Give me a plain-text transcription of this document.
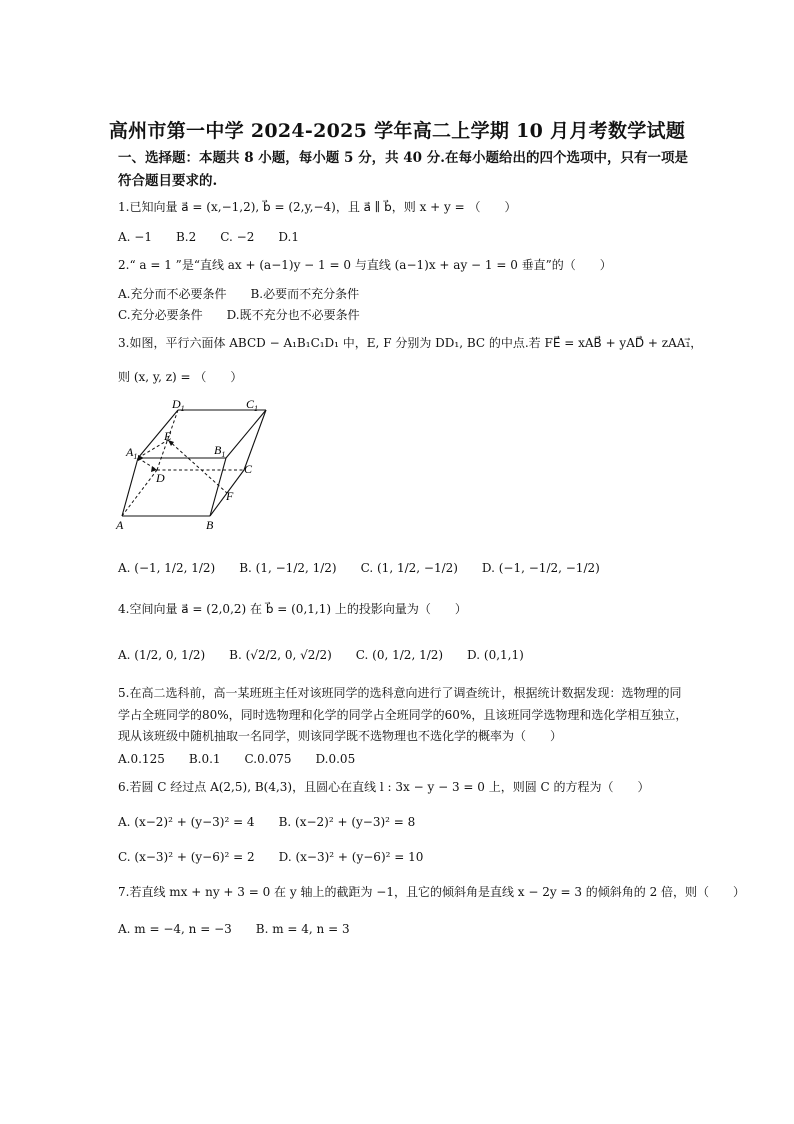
高州市第一中学 2024-2025 学年高二上学期 10 月月考数学试题
一、选择题：本题共 8 小题，每小题 5 分，共 40 分.在每小题给出的四个选项中，只有一项是符合题目要求的.
1.已知向量 a⃗ = (x,−1,2), b⃗ = (2,y,−4)，且 a⃗ ∥ b⃗，则 x + y = （　　）
A. −1　　B.2　　C. −2　　D.1
2.“ a = 1 ”是“直线 ax + (a−1)y − 1 = 0 与直线 (a−1)x + ay − 1 = 0 垂直”的（　　）
A.充分而不必要条件　　B.必要而不充分条件
C.充分必要条件　　D.既不充分也不必要条件
3.如图，平行六面体 ABCD − A₁B₁C₁D₁ 中，E, F 分别为 DD₁, BC 的中点.若 FE⃗ = xAB⃗ + yAD⃗ + zAA₁⃗，
则 (x, y, z) = （　　）
$D_1$	$C_1$
E
$A_1$	$B_1$
C
D
F
A	B
A. (−1, 1/2, 1/2)　　B. (1, −1/2, 1/2)　　C. (1, 1/2, −1/2)　　D. (−1, −1/2, −1/2)
4.空间向量 a⃗ = (2,0,2) 在 b⃗ = (0,1,1) 上的投影向量为（　　）
A. (1/2, 0, 1/2)　　B. (√2/2, 0, √2/2)　　C. (0, 1/2, 1/2)　　D. (0,1,1)
5.在高二选科前，高一某班班主任对该班同学的选科意向进行了调查统计，根据统计数据发现：选物理的同
学占全班同学的80%，同时选物理和化学的同学占全班同学的60%，且该班同学选物理和选化学相互独立，
现从该班级中随机抽取一名同学，则该同学既不选物理也不选化学的概率为（　　）
A.0.125　　B.0.1　　C.0.075　　D.0.05
6.若圆 C 经过点 A(2,5), B(4,3)，且圆心在直线 l : 3x − y − 3 = 0 上，则圆 C 的方程为（　　）
A. (x−2)² + (y−3)² = 4　　B. (x−2)² + (y−3)² = 8
C. (x−3)² + (y−6)² = 2　　D. (x−3)² + (y−6)² = 10
7.若直线 mx + ny + 3 = 0 在 y 轴上的截距为 −1，且它的倾斜角是直线 x − 2y = 3 的倾斜角的 2 倍，则（　　）
A. m = −4, n = −3　　B. m = 4, n = 3
